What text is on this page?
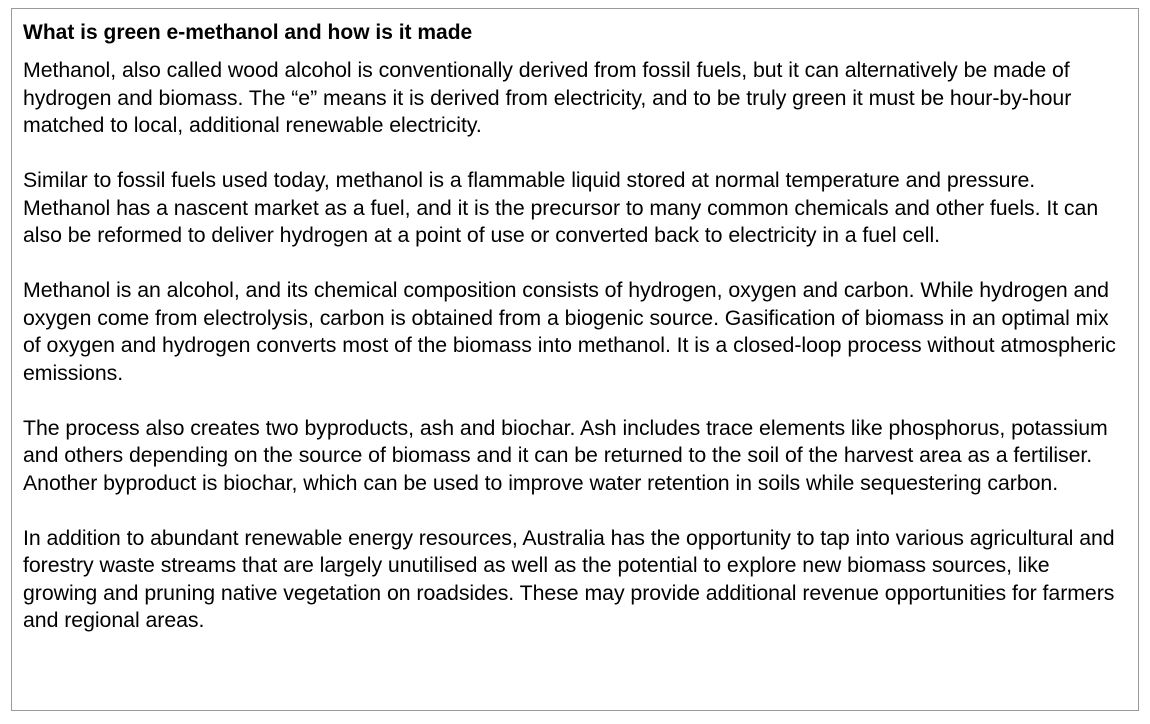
What is green e-methanol and how is it made

Methanol, also called wood alcohol is conventionally derived from fossil fuels, but it can alternatively be made of hydrogen and biomass. The “e” means it is derived from electricity, and to be truly green it must be hour-by-hour matched to local, additional renewable electricity.

Similar to fossil fuels used today, methanol is a flammable liquid stored at normal temperature and pressure. Methanol has a nascent market as a fuel, and it is the precursor to many common chemicals and other fuels. It can also be reformed to deliver hydrogen at a point of use or converted back to electricity in a fuel cell.

Methanol is an alcohol, and its chemical composition consists of hydrogen, oxygen and carbon. While hydrogen and oxygen come from electrolysis, carbon is obtained from a biogenic source. Gasification of biomass in an optimal mix of oxygen and hydrogen converts most of the biomass into methanol. It is a closed-loop process without atmospheric emissions.

The process also creates two byproducts, ash and biochar. Ash includes trace elements like phosphorus, potassium and others depending on the source of biomass and it can be returned to the soil of the harvest area as a fertiliser. Another byproduct is biochar, which can be used to improve water retention in soils while sequestering carbon.

In addition to abundant renewable energy resources, Australia has the opportunity to tap into various agricultural and forestry waste streams that are largely unutilised as well as the potential to explore new biomass sources, like growing and pruning native vegetation on roadsides. These may provide additional revenue opportunities for farmers and regional areas.
